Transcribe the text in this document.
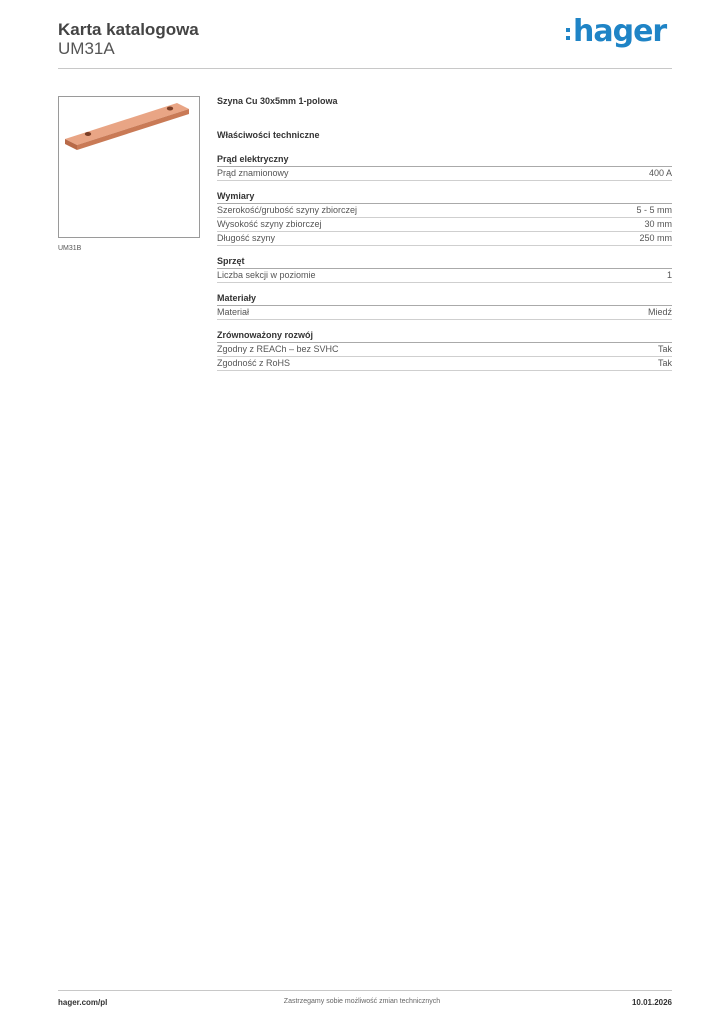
Karta katalogowa
UM31A	hager
UM31B
Szyna Cu 30x5mm 1-polowa
Właściwości techniczne
Prąd elektryczny
Prąd znamionowy	400 A
Wymiary
Szerokość/grubość szyny zbiorczej	5 - 5 mm
Wysokość szyny zbiorczej	30 mm
Długość szyny	250 mm
Sprzęt
Liczba sekcji w poziomie	1
Materiały
Materiał	Miedź
Zrównoważony rozwój
Zgodny z REACh – bez SVHC	Tak
Zgodność z RoHS	Tak
hager.com/pl	Zastrzegamy sobie możliwość zmian technicznych	10.01.2026
